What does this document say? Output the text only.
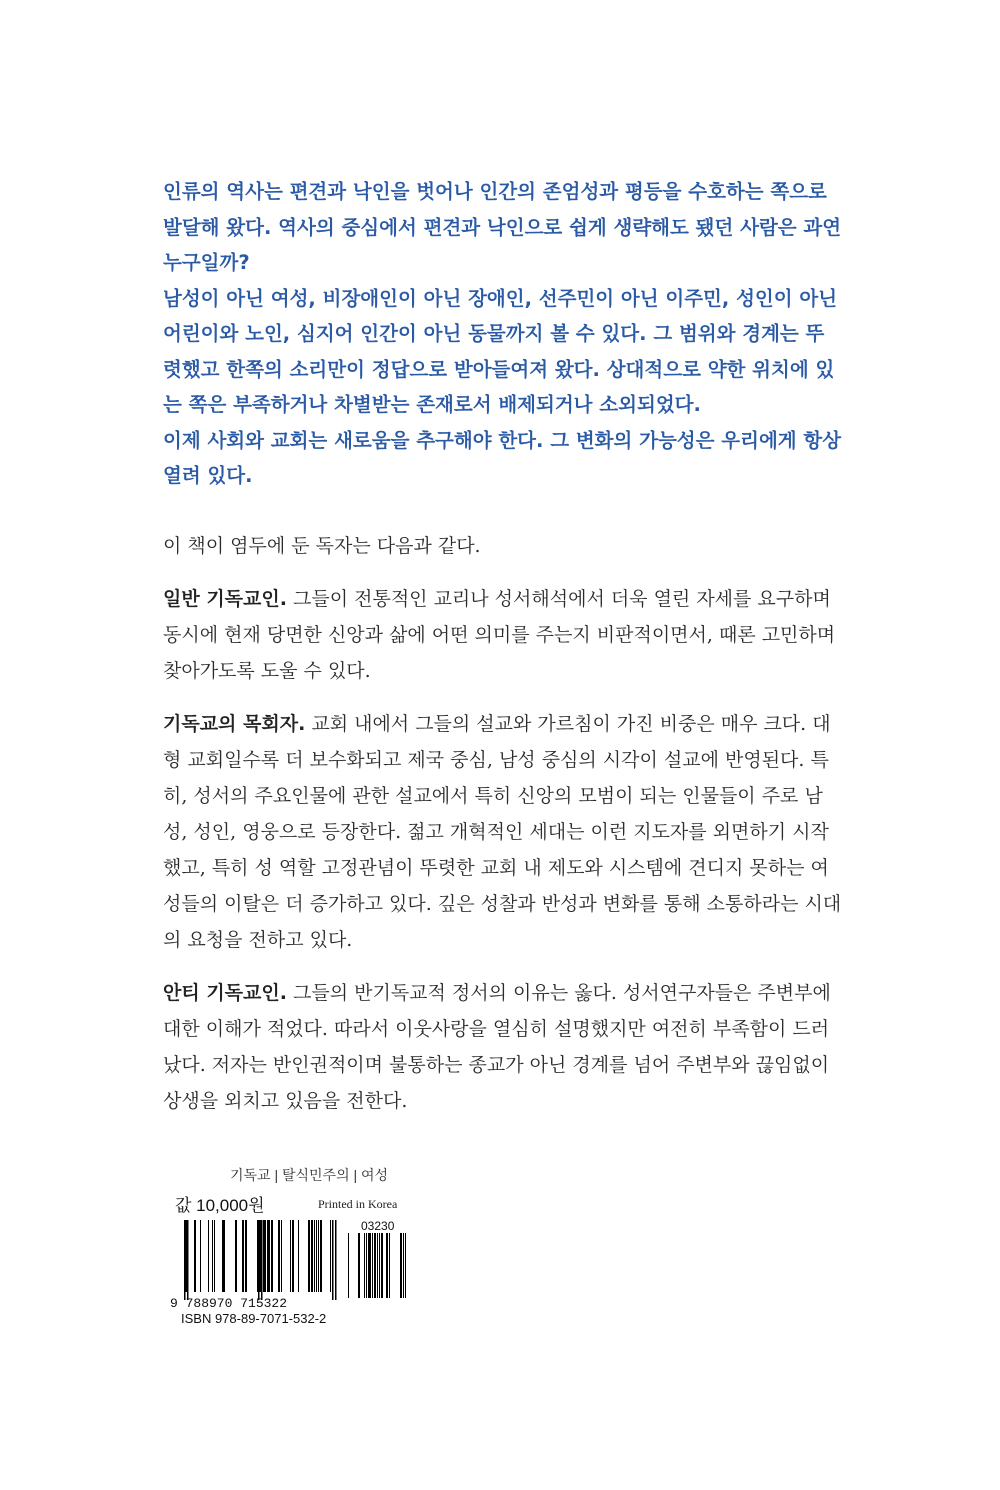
인류의 역사는 편견과 낙인을 벗어나 인간의 존엄성과 평등을 수호하는 쪽으로 발달해 왔다. 역사의 중심에서 편견과 낙인으로 쉽게 생략해도 됐던 사람은 과연 누구일까?

남성이 아닌 여성, 비장애인이 아닌 장애인, 선주민이 아닌 이주민, 성인이 아닌 어린이와 노인, 심지어 인간이 아닌 동물까지 볼 수 있다. 그 범위와 경계는 뚜렷했고 한쪽의 소리만이 정답으로 받아들여져 왔다. 상대적으로 약한 위치에 있는 쪽은 부족하거나 차별받는 존재로서 배제되거나 소외되었다.

이제 사회와 교회는 새로움을 추구해야 한다. 그 변화의 가능성은 우리에게 항상 열려 있다.

이 책이 염두에 둔 독자는 다음과 같다.

일반 기독교인. 그들이 전통적인 교리나 성서해석에서 더욱 열린 자세를 요구하며 동시에 현재 당면한 신앙과 삶에 어떤 의미를 주는지 비판적이면서, 때론 고민하며 찾아가도록 도울 수 있다.

기독교의 목회자. 교회 내에서 그들의 설교와 가르침이 가진 비중은 매우 크다. 대형 교회일수록 더 보수화되고 제국 중심, 남성 중심의 시각이 설교에 반영된다. 특히, 성서의 주요인물에 관한 설교에서 특히 신앙의 모범이 되는 인물들이 주로 남성, 성인, 영웅으로 등장한다. 젊고 개혁적인 세대는 이런 지도자를 외면하기 시작했고, 특히 성 역할 고정관념이 뚜렷한 교회 내 제도와 시스템에 견디지 못하는 여성들의 이탈은 더 증가하고 있다. 깊은 성찰과 반성과 변화를 통해 소통하라는 시대의 요청을 전하고 있다.

안티 기독교인. 그들의 반기독교적 정서의 이유는 옳다. 성서연구자들은 주변부에 대한 이해가 적었다. 따라서 이웃사랑을 열심히 설명했지만 여전히 부족함이 드러났다. 저자는 반인권적이며 불통하는 종교가 아닌 경계를 넘어 주변부와 끊임없이 상생을 외치고 있음을 전한다.

기독교 | 탈식민주의 | 여성
값 10,000원	Printed in Korea
9 788970 715322
03230
ISBN 978-89-7071-532-2
